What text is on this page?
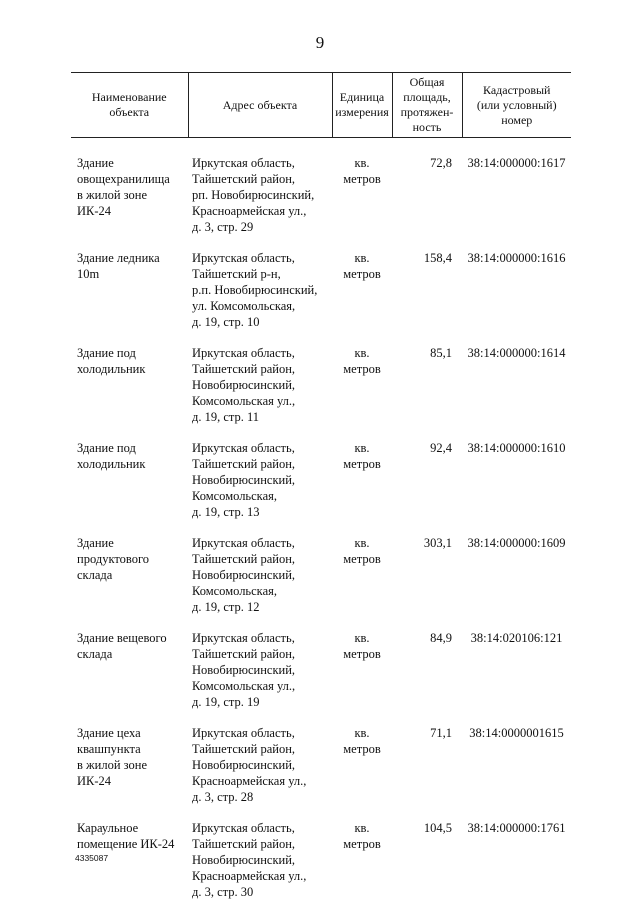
9
Наименование
объекта	Адрес объекта	Единица
измерения	Общая
площадь,
протяжен-
ность	Кадастровый
(или условный)
номер

Здание
овощехранилища
в жилой зоне
ИК-24	Иркутская область,
Тайшетский район,
рп. Новобирюсинский,
Красноармейская ул.,
д. 3, стр. 29	кв.
метров	72,8	38:14:000000:1617

Здание ледника
10m	Иркутская область,
Тайшетский р-н,
р.п. Новобирюсинский,
ул. Комсомольская,
д. 19, стр. 10	кв.
метров	158,4	38:14:000000:1616

Здание под
холодильник	Иркутская область,
Тайшетский район,
Новобирюсинский,
Комсомольская ул.,
д. 19, стр. 11	кв.
метров	85,1	38:14:000000:1614

Здание под
холодильник	Иркутская область,
Тайшетский район,
Новобирюсинский,
Комсомольская,
д. 19, стр. 13	кв.
метров	92,4	38:14:000000:1610

Здание
продуктового
склада	Иркутская область,
Тайшетский район,
Новобирюсинский,
Комсомольская,
д. 19, стр. 12	кв.
метров	303,1	38:14:000000:1609

Здание вещевого
склада	Иркутская область,
Тайшетский район,
Новобирюсинский,
Комсомольская ул.,
д. 19, стр. 19	кв.
метров	84,9	38:14:020106:121

Здание цеха
квашпункта
в жилой зоне
ИК-24	Иркутская область,
Тайшетский район,
Новобирюсинский,
Красноармейская ул.,
д. 3, стр. 28	кв.
метров	71,1	38:14:0000001615

Караульное
помещение ИК-24	Иркутская область,
Тайшетский район,
Новобирюсинский,
Красноармейская ул.,
д. 3, стр. 30	кв.
метров	104,5	38:14:000000:1761
4335087
